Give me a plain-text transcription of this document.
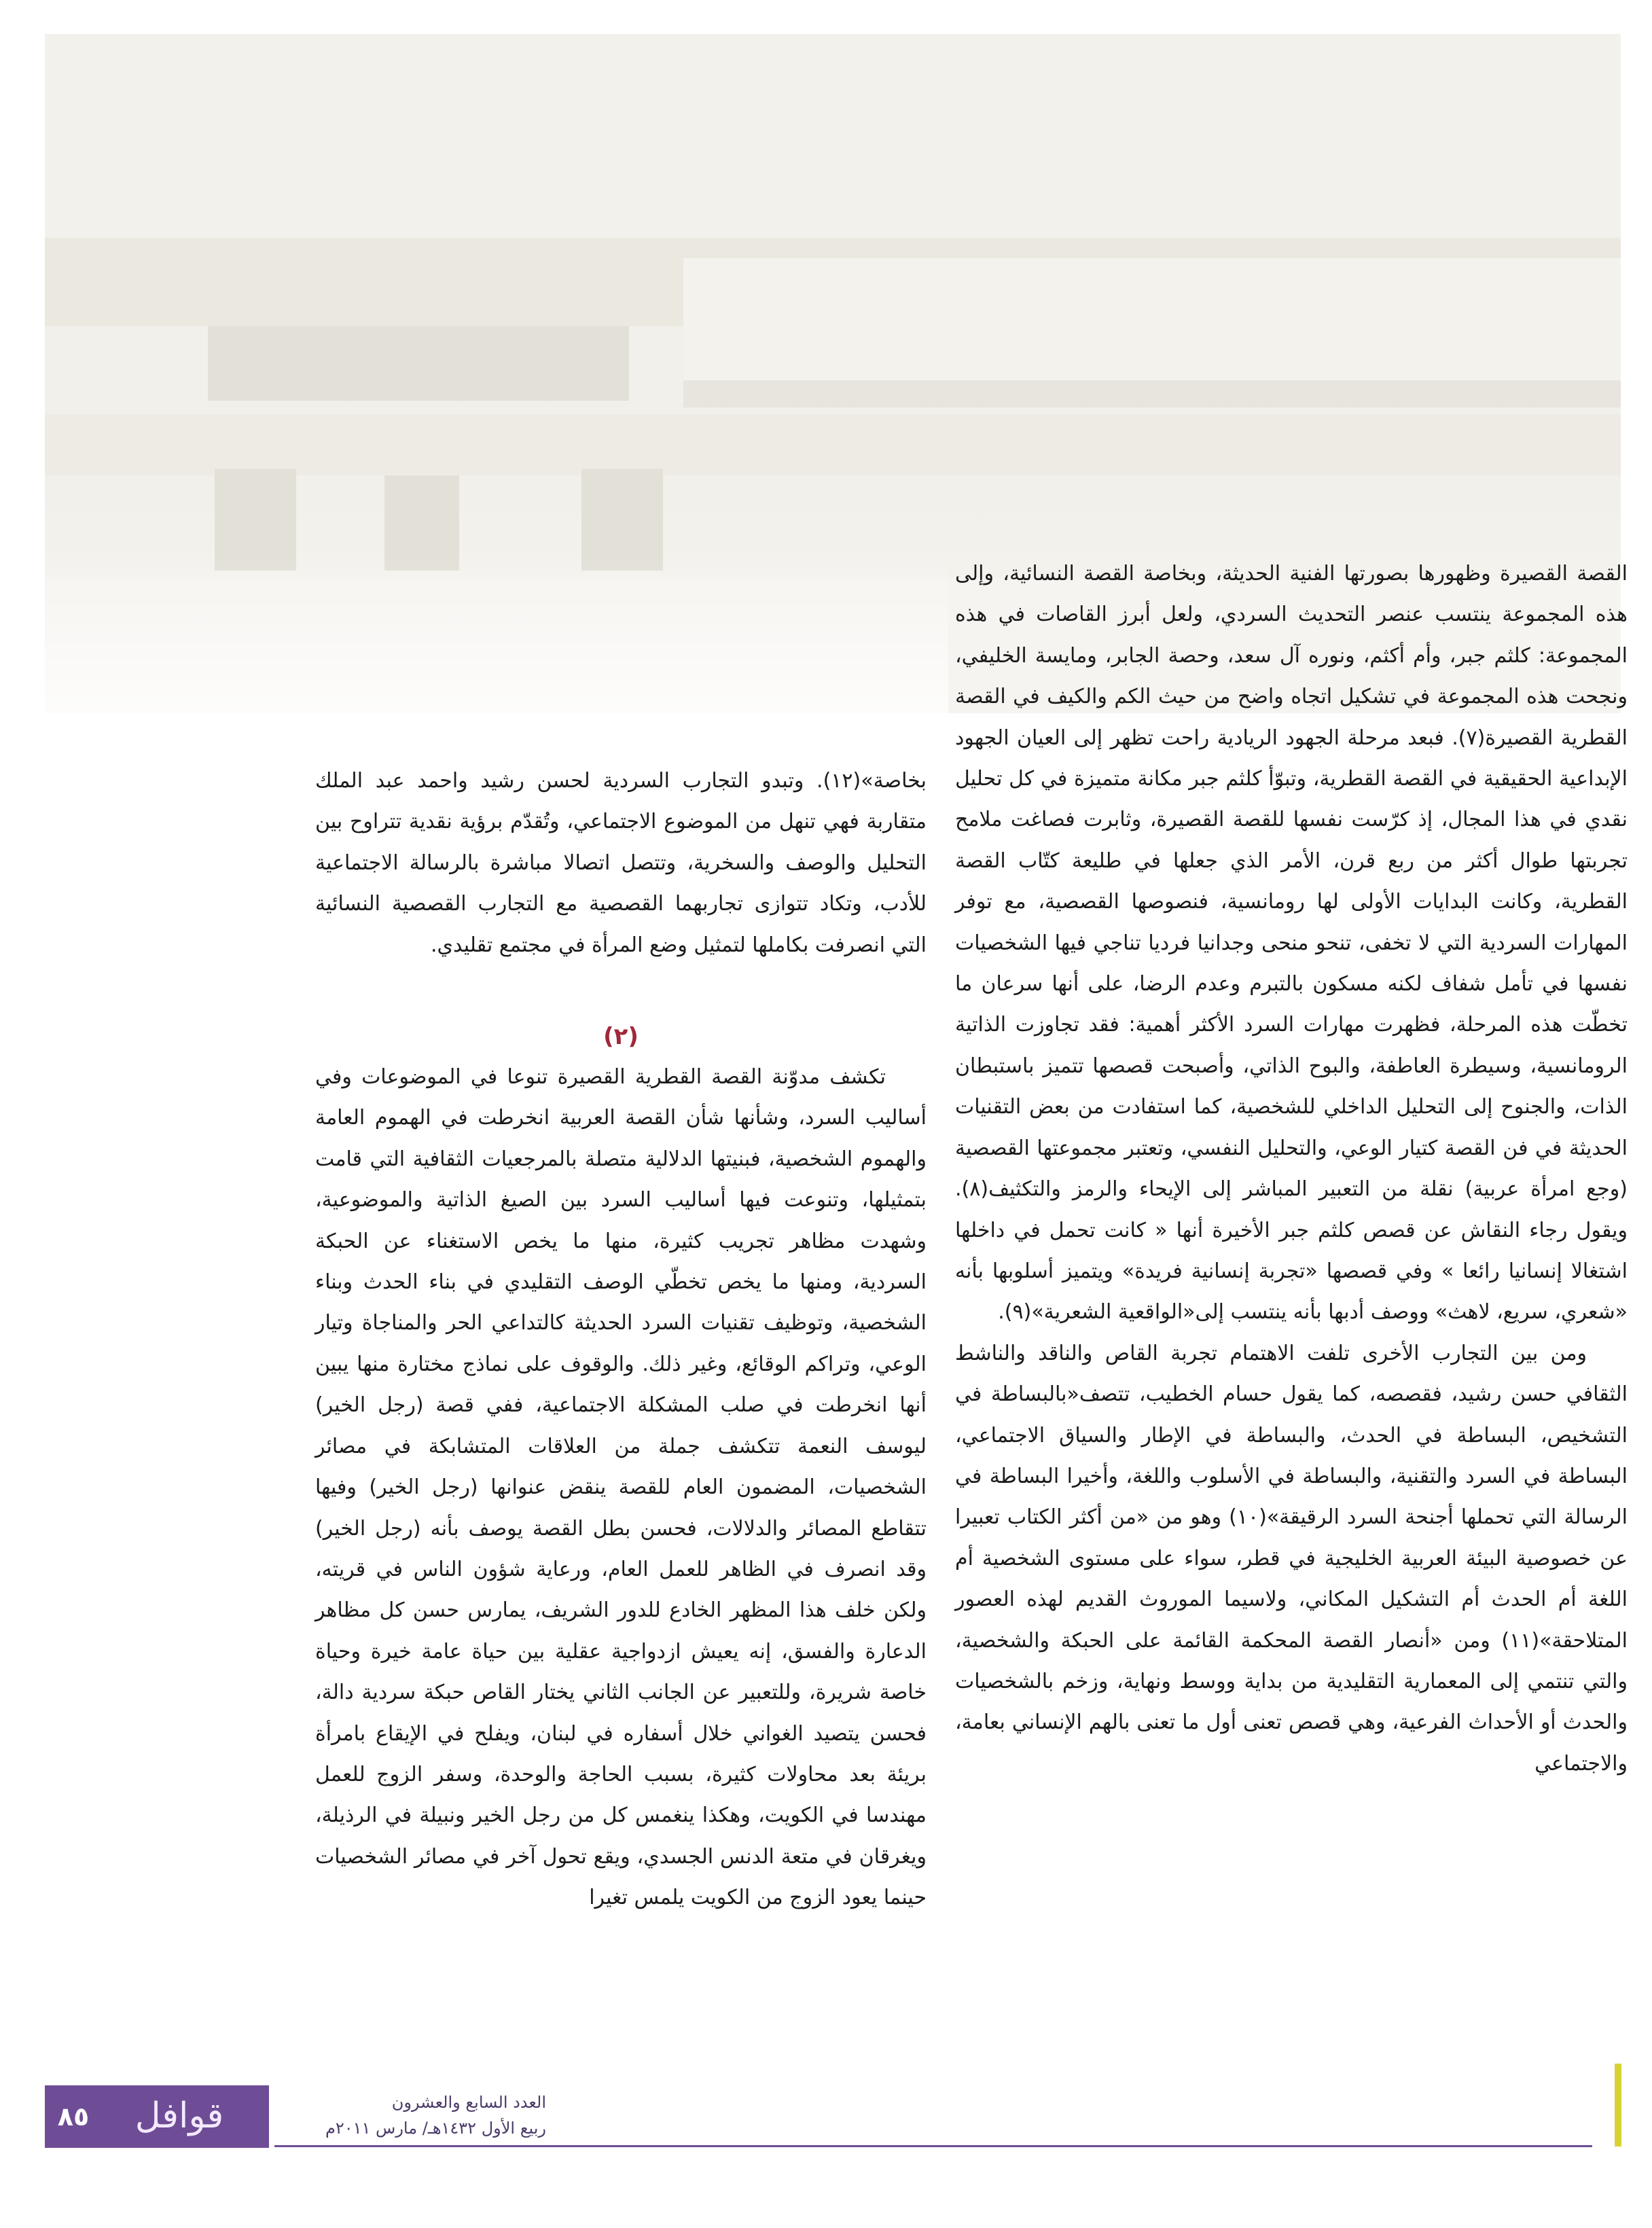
القصة القصيرة وظهورها بصورتها الفنية الحديثة، وبخاصة القصة النسائية، وإلى هذه المجموعة ينتسب عنصر التحديث السردي، ولعل أبرز القاصات في هذه المجموعة: كلثم جبر، وأم أكثم، ونوره آل سعد، وحصة الجابر، ومايسة الخليفي، ونجحت هذه المجموعة في تشكيل اتجاه واضح من حيث الكم والكيف في القصة القطرية القصيرة(٧). فبعد مرحلة الجهود الريادية راحت تظهر إلى العيان الجهود الإبداعية الحقيقية في القصة القطرية، وتبوّأ كلثم جبر مكانة متميزة في كل تحليل نقدي في هذا المجال، إذ كرّست نفسها للقصة القصيرة، وثابرت فصاغت ملامح تجربتها طوال أكثر من ربع قرن، الأمر الذي جعلها في طليعة كتّاب القصة القطرية، وكانت البدايات الأولى لها رومانسية، فنصوصها القصصية، مع توفر المهارات السردية التي لا تخفى، تنحو منحى وجدانيا فرديا تناجي فيها الشخصيات نفسها في تأمل شفاف لكنه مسكون بالتبرم وعدم الرضا، على أنها سرعان ما تخطّت هذه المرحلة، فظهرت مهارات السرد الأكثر أهمية: فقد تجاوزت الذاتية الرومانسية، وسيطرة العاطفة، والبوح الذاتي، وأصبحت قصصها تتميز باستبطان الذات، والجنوح إلى التحليل الداخلي للشخصية، كما استفادت من بعض التقنيات الحديثة في فن القصة كتيار الوعي، والتحليل النفسي، وتعتبر مجموعتها القصصية (وجع امرأة عربية) نقلة من التعبير المباشر إلى الإيحاء والرمز والتكثيف(٨). ويقول رجاء النقاش عن قصص كلثم جبر الأخيرة أنها « كانت تحمل في داخلها اشتغالا إنسانيا رائعا » وفي قصصها «تجربة إنسانية فريدة» ويتميز أسلوبها بأنه «شعري، سريع، لاهث» ووصف أدبها بأنه ينتسب إلى«الواقعية الشعرية»(٩).

ومن بين التجارب الأخرى تلفت الاهتمام تجربة القاص والناقد والناشط الثقافي حسن رشيد، فقصصه، كما يقول حسام الخطيب، تتصف«بالبساطة في التشخيص، البساطة في الحدث، والبساطة في الإطار والسياق الاجتماعي، البساطة في السرد والتقنية، والبساطة في الأسلوب واللغة، وأخيرا البساطة في الرسالة التي تحملها أجنحة السرد الرقيقة»(١٠) وهو من «من أكثر الكتاب تعبيرا عن خصوصية البيئة العربية الخليجية في قطر، سواء على مستوى الشخصية أم اللغة أم الحدث أم التشكيل المكاني، ولاسيما الموروث القديم لهذه العصور المتلاحقة»(١١) ومن «أنصار القصة المحكمة القائمة على الحبكة والشخصية، والتي تنتمي إلى المعمارية التقليدية من بداية ووسط ونهاية، وزخم بالشخصيات والحدث أو الأحداث الفرعية، وهي قصص تعنى أول ما تعنى بالهم الإنساني بعامة، والاجتماعي

بخاصة»(١٢). وتبدو التجارب السردية لحسن رشيد واحمد عبد الملك متقاربة فهي تنهل من الموضوع الاجتماعي، وتُقدّم برؤية نقدية تتراوح بين التحليل والوصف والسخرية، وتتصل اتصالا مباشرة بالرسالة الاجتماعية للأدب، وتكاد تتوازى تجاربهما القصصية مع التجارب القصصية النسائية التي انصرفت بكاملها لتمثيل وضع المرأة في مجتمع تقليدي.

(٢)

تكشف مدوّنة القصة القطرية القصيرة تنوعا في الموضوعات وفي أساليب السرد، وشأنها شأن القصة العربية انخرطت في الهموم العامة والهموم الشخصية، فبنيتها الدلالية متصلة بالمرجعيات الثقافية التي قامت بتمثيلها، وتنوعت فيها أساليب السرد بين الصيغ الذاتية والموضوعية، وشهدت مظاهر تجريب كثيرة، منها ما يخص الاستغناء عن الحبكة السردية، ومنها ما يخص تخطّي الوصف التقليدي في بناء الحدث وبناء الشخصية، وتوظيف تقنيات السرد الحديثة كالتداعي الحر والمناجاة وتيار الوعي، وتراكم الوقائع، وغير ذلك. والوقوف على نماذج مختارة منها يبين أنها انخرطت في صلب المشكلة الاجتماعية، ففي قصة (رجل الخير) ليوسف النعمة تتكشف جملة من العلاقات المتشابكة في مصائر الشخصيات، المضمون العام للقصة ينقض عنوانها (رجل الخير) وفيها تتقاطع المصائر والدلالات، فحسن بطل القصة يوصف بأنه (رجل الخير) وقد انصرف في الظاهر للعمل العام، ورعاية شؤون الناس في قريته، ولكن خلف هذا المظهر الخادع للدور الشريف، يمارس حسن كل مظاهر الدعارة والفسق، إنه يعيش ازدواجية عقلية بين حياة عامة خيرة وحياة خاصة شريرة، وللتعبير عن الجانب الثاني يختار القاص حبكة سردية دالة، فحسن يتصيد الغواني خلال أسفاره في لبنان، ويفلح في الإيقاع بامرأة بريئة بعد محاولات كثيرة، بسبب الحاجة والوحدة، وسفر الزوج للعمل مهندسا في الكويت، وهكذا ينغمس كل من رجل الخير ونبيلة في الرذيلة، ويغرقان في متعة الدنس الجسدي، ويقع تحول آخر في مصائر الشخصيات حينما يعود الزوج من الكويت يلمس تغيرا

٨٥	قوافل	العدد السابع والعشرون
ربيع الأول ١٤٣٢هـ/ مارس ٢٠١١م
